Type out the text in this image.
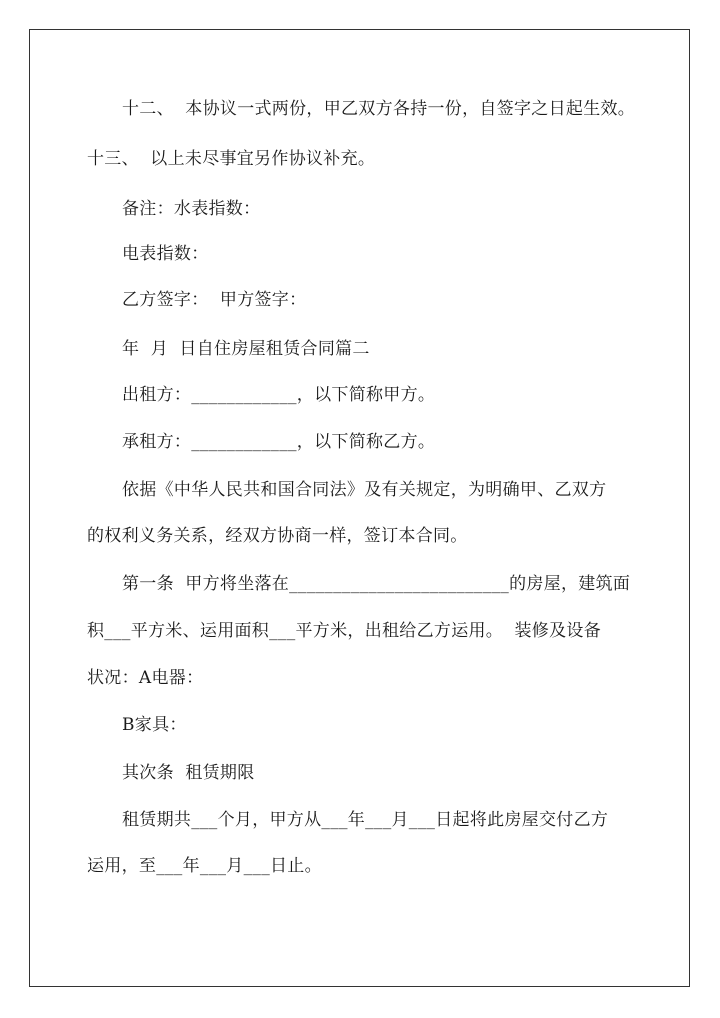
十二、  本协议一式两份，甲乙双方各持一份，自签字之日起生效。
十三、  以上未尽事宜另作协议补充。
备注：水表指数：
电表指数：
乙方签字：  甲方签字：
年  月  日自住房屋租赁合同篇二
出租方：____________，以下简称甲方。
承租方：____________，以下简称乙方。
依据《中华人民共和国合同法》及有关规定，为明确甲、乙双方
的权利义务关系，经双方协商一样，签订本合同。
第一条  甲方将坐落在_________________________的房屋，建筑面
积___平方米、运用面积___平方米，出租给乙方运用。  装修及设备
状况：A电器：
B家具：
其次条  租赁期限
租赁期共___个月，甲方从___年___月___日起将此房屋交付乙方
运用，至___年___月___日止。
